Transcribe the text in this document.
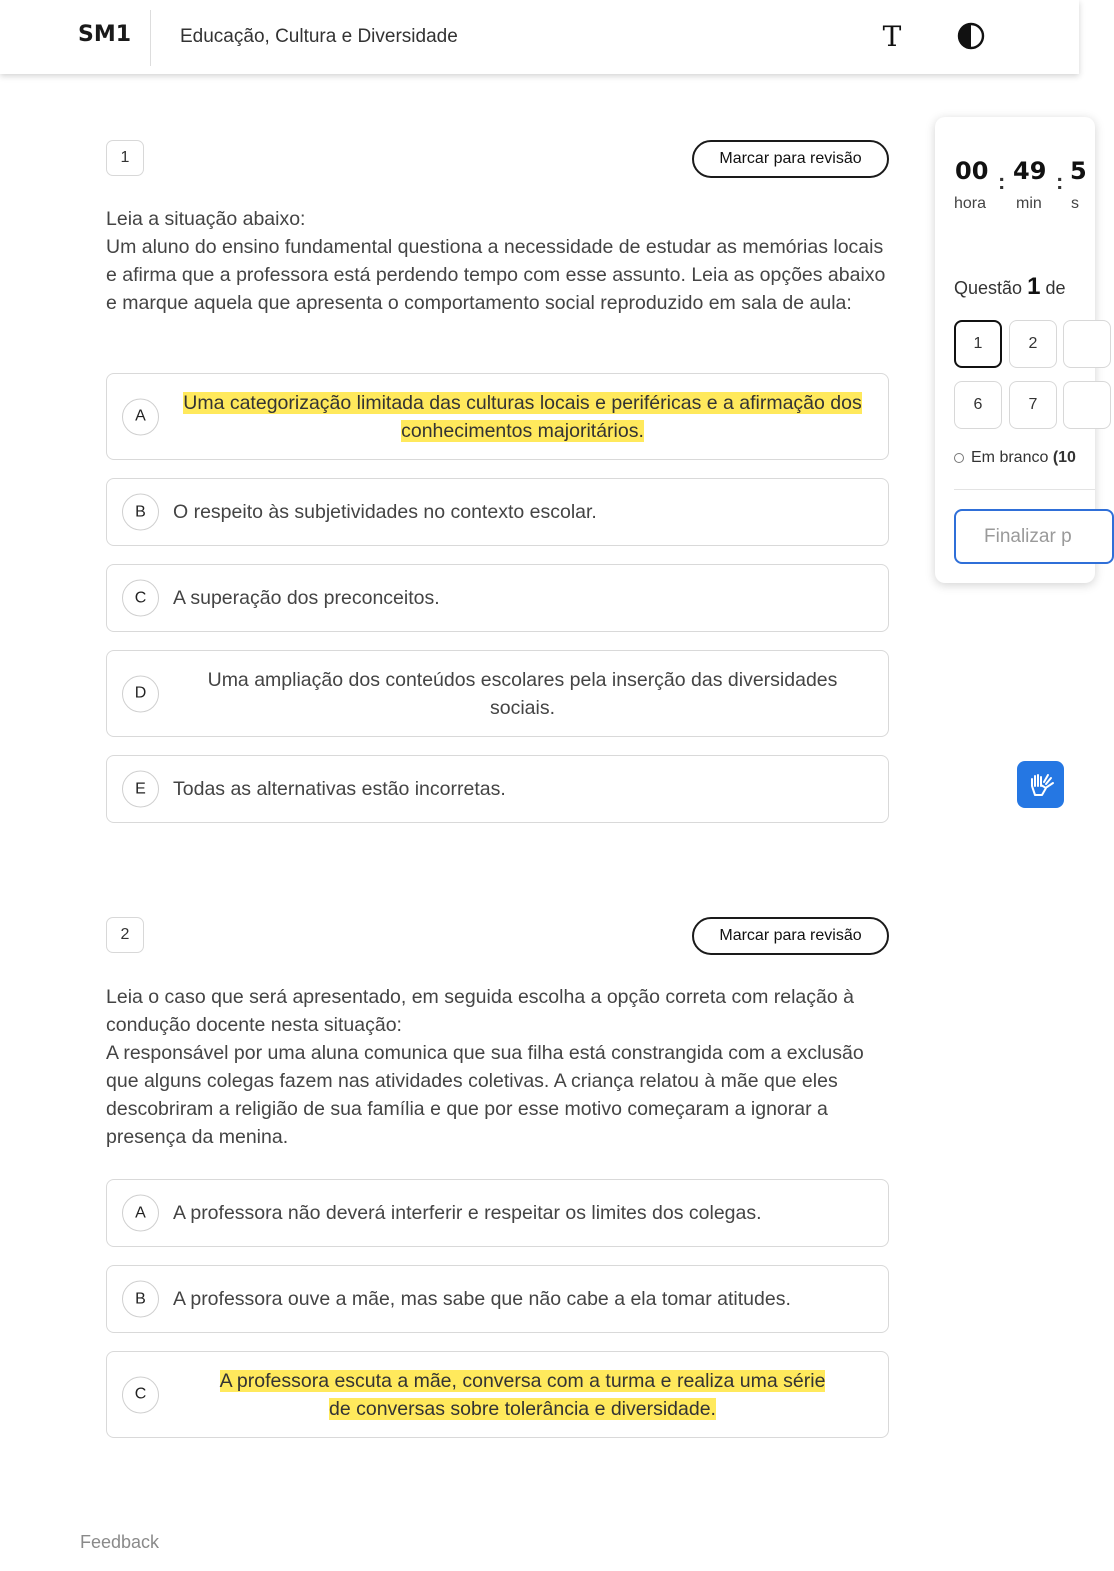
SM1	Educação, Cultura e Diversidade	T
1	Marcar para revisão

Leia a situação abaixo:

Um aluno do ensino fundamental questiona a necessidade de estudar as memórias locais e afirma que a professora está perdendo tempo com esse assunto. Leia as opções abaixo e marque aquela que apresenta o comportamento social reproduzido em sala de aula:

A
Uma categorização limitada das culturas locais e periféricas e a afirmação dos conhecimentos majoritários.
B	O respeito às subjetividades no contexto escolar.
C	A superação dos preconceitos.
D
Uma ampliação dos conteúdos escolares pela inserção das diversidades sociais.
E	Todas as alternativas estão incorretas.
2	Marcar para revisão

Leia o caso que será apresentado, em seguida escolha a opção correta com relação à condução docente nesta situação:

A responsável por uma aluna comunica que sua filha está constrangida com a exclusão que alguns colegas fazem nas atividades coletivas. A criança relatou à mãe que eles descobriram a religião de sua família e que por esse motivo começaram a ignorar a presença da menina.

A	A professora não deverá interferir e respeitar os limites dos colegas.
B	A professora ouve a mãe, mas sabe que não cabe a ela tomar atitudes.
C
A professora escuta a mãe, conversa com a turma e realiza uma série de conversas sobre tolerância e diversidade.
00 : 49 : 5
hora min s
Questão 1 de
1	2
6	7
Em branco
(10
Finalizar p
Feedback
